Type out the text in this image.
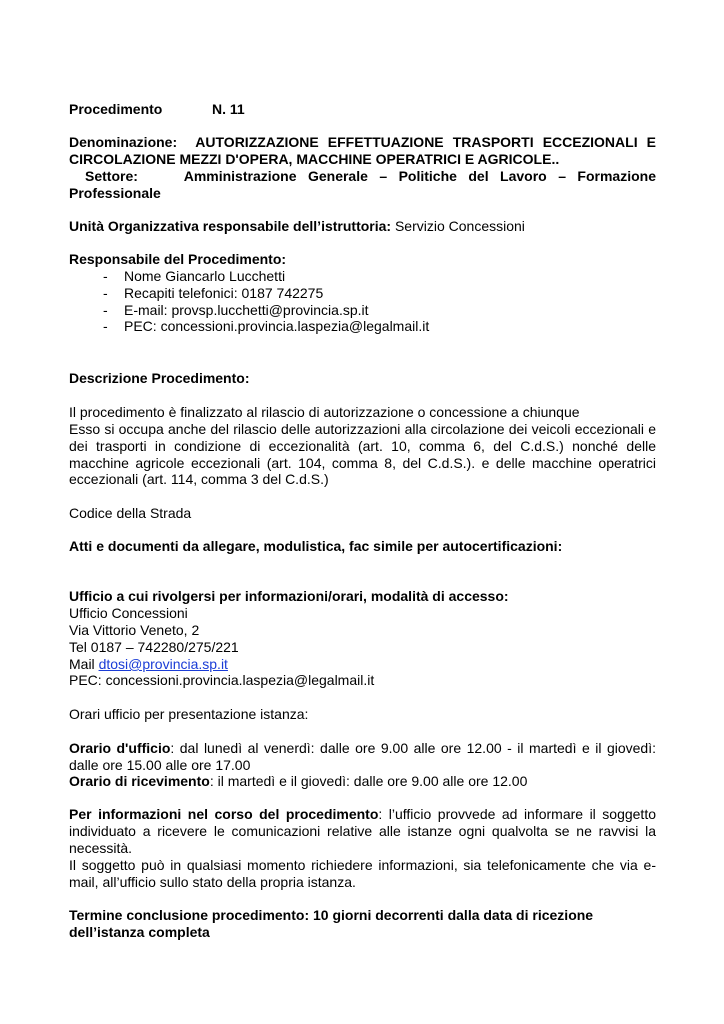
Procedimento	N. 11
Denominazione: AUTORIZZAZIONE EFFETTUAZIONE TRASPORTI ECCEZIONALI E
CIRCOLAZIONE MEZZI D'OPERA, MACCHINE OPERATRICI E AGRICOLE..
Settore:	Amministrazione Generale – Politiche del Lavoro – Formazione
Professionale
Unità Organizzativa responsabile dell’istruttoria: Servizio Concessioni
Responsabile del Procedimento:
- Nome Giancarlo Lucchetti
- Recapiti telefonici: 0187 742275
- E-mail: provsp.lucchetti@provincia.sp.it
- PEC: concessioni.provincia.laspezia@legalmail.it
Descrizione Procedimento:
Il procedimento è finalizzato al rilascio di autorizzazione o concessione a chiunque
Esso si occupa anche del rilascio delle autorizzazioni alla circolazione dei veicoli eccezionali e dei trasporti in condizione di eccezionalità (art. 10, comma 6, del C.d.S.) nonché delle macchine agricole eccezionali (art. 104, comma 8, del C.d.S.). e delle macchine operatrici eccezionali (art. 114, comma 3 del C.d.S.)
Codice della Strada
Atti e documenti da allegare, modulistica, fac simile per autocertificazioni:
Ufficio a cui rivolgersi per informazioni/orari, modalità di accesso:
Ufficio Concessioni
Via Vittorio Veneto, 2
Tel 0187 – 742280/275/221
Mail dtosi@provincia.sp.it
PEC: concessioni.provincia.laspezia@legalmail.it
Orari ufficio per presentazione istanza:
Orario d'ufficio: dal lunedì al venerdì: dalle ore 9.00 alle ore 12.00 - il martedì e il giovedì: dalle ore 15.00 alle ore 17.00
Orario di ricevimento: il martedì e il giovedì: dalle ore 9.00 alle ore 12.00
Per informazioni nel corso del procedimento: l’ufficio provvede ad informare il soggetto individuato a ricevere le comunicazioni relative alle istanze ogni qualvolta se ne ravvisi la necessità.
Il soggetto può in qualsiasi momento richiedere informazioni, sia telefonicamente che via e-mail, all’ufficio sullo stato della propria istanza.
Termine conclusione procedimento: 10 giorni decorrenti dalla data di ricezione dell’istanza completa
